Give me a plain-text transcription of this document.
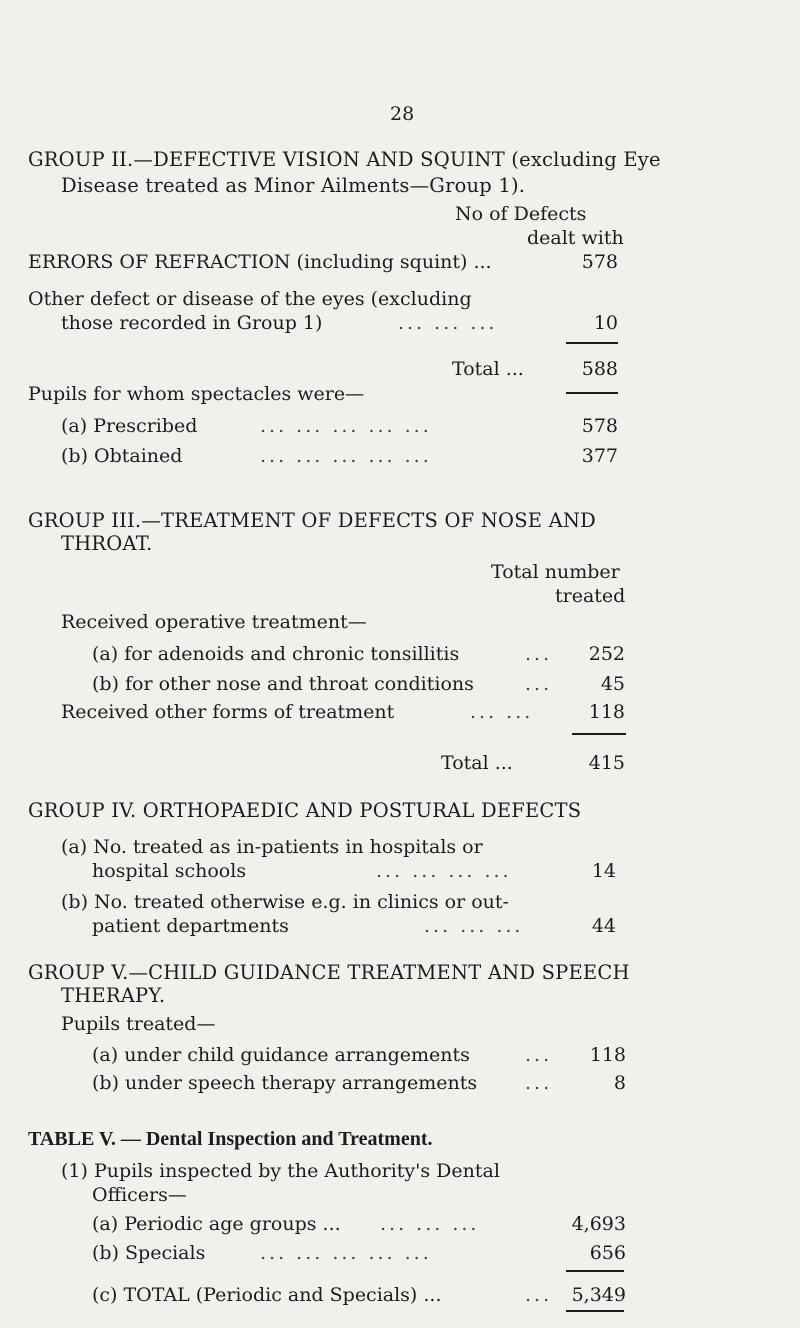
28
GROUP II.—DEFECTIVE VISION AND SQUINT (excluding Eye
Disease treated as Minor Ailments—Group 1).
No of Defects
dealt with
ERRORS OF REFRACTION (including squint) ...	578
Other defect or disease of the eyes (excluding
those recorded in Group 1)	... ... ...	10
Total ...	588
Pupils for whom spectacles were—
(a) Prescribed	... ... ... ... ...	578
(b) Obtained	... ... ... ... ...	377
GROUP III.—TREATMENT OF DEFECTS OF NOSE AND
THROAT.
Total number
treated
Received operative treatment—
(a) for adenoids and chronic tonsillitis	...	252
(b) for other nose and throat conditions	...	45
Received other forms of treatment	... ...	118
Total ...	415
GROUP IV. ORTHOPAEDIC AND POSTURAL DEFECTS
(a) No. treated as in-patients in hospitals or
hospital schools	... ... ... ...	14
(b) No. treated otherwise e.g. in clinics or out-
patient departments	... ... ...	44
GROUP V.—CHILD GUIDANCE TREATMENT AND SPEECH
THERAPY.
Pupils treated—
(a) under child guidance arrangements	...	118
(b) under speech therapy arrangements	...	8
TABLE V. — Dental Inspection and Treatment.
(1) Pupils inspected by the Authority's Dental
Officers—
(a) Periodic age groups ... ... ... ...	4,693
(b) Specials	... ... ... ... ...	656
(c) TOTAL (Periodic and Specials) ...	...	5,349
